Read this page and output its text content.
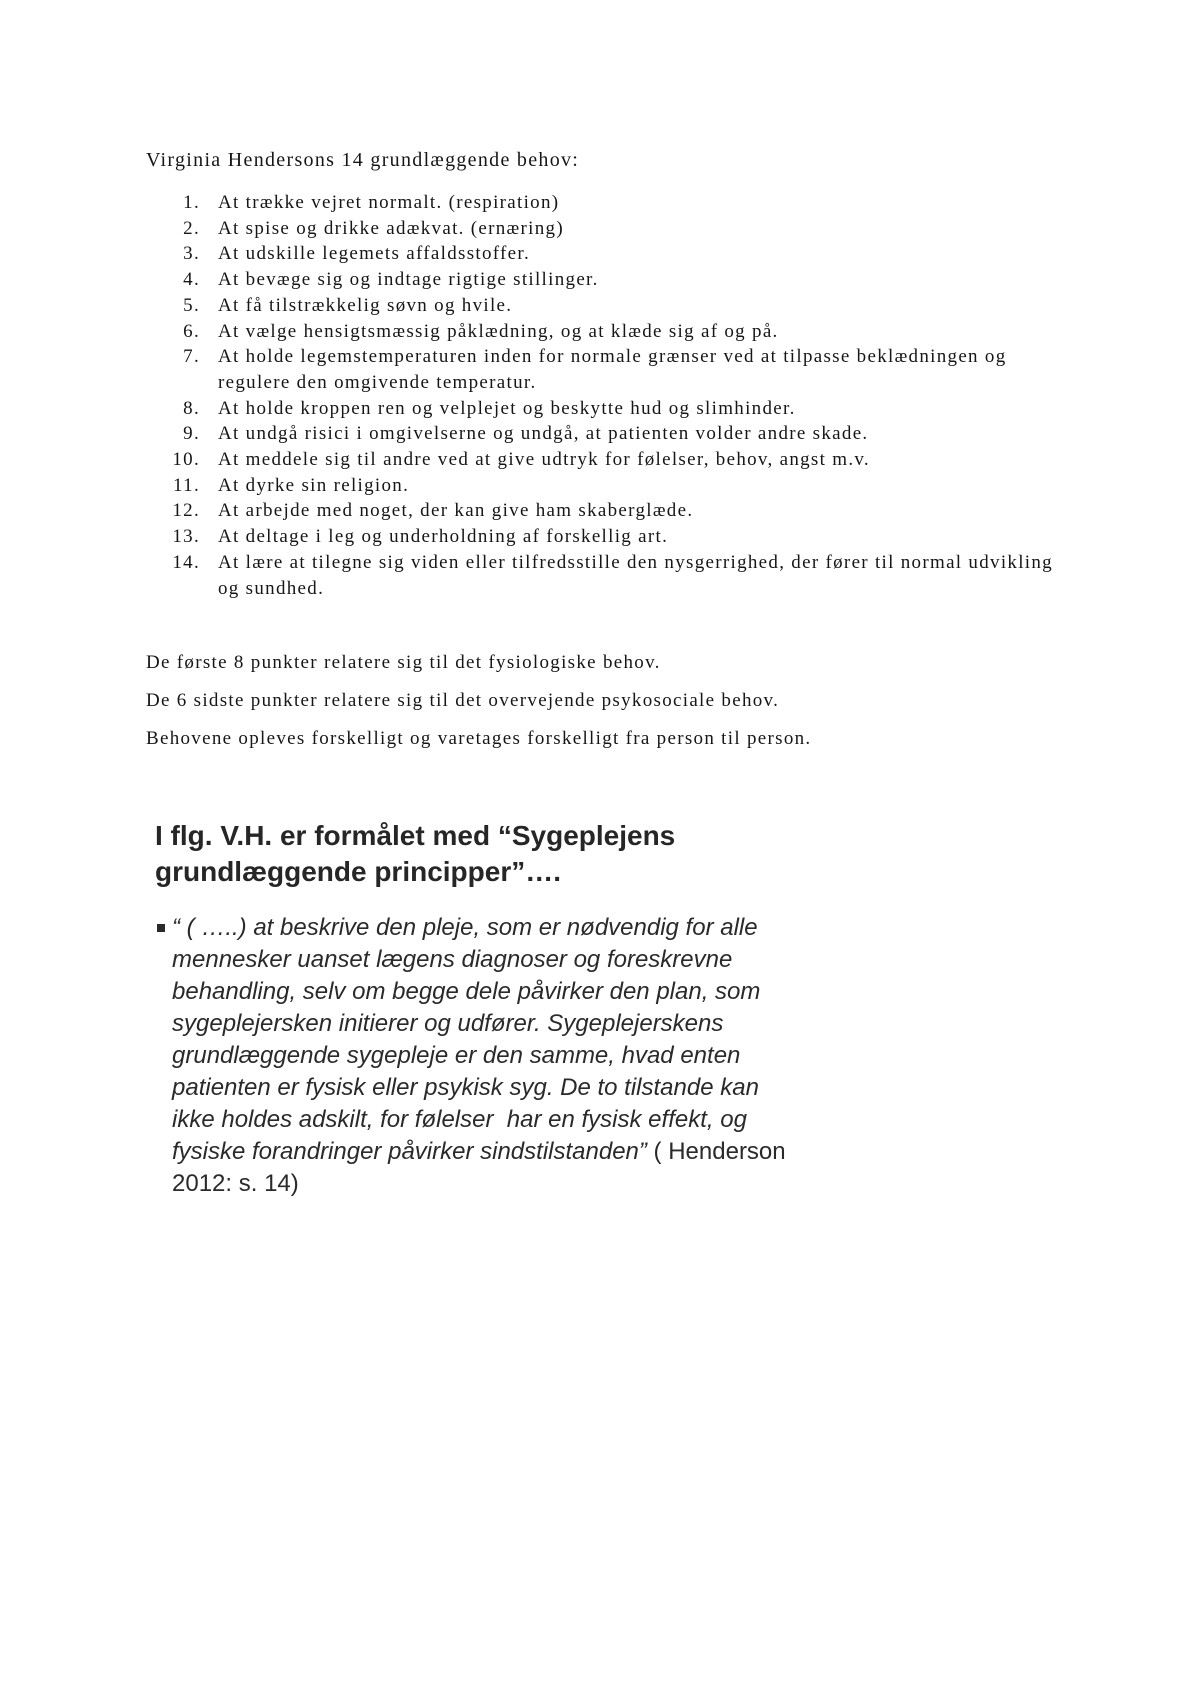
Virginia Hendersons 14 grundlæggende behov:
1. At trække vejret normalt. (respiration)
2. At spise og drikke adækvat. (ernæring)
3. At udskille legemets affaldsstoffer.
4. At bevæge sig og indtage rigtige stillinger.
5. At få tilstrækkelig søvn og hvile.
6. At vælge hensigtsmæssig påklædning, og at klæde sig af og på.
7. At holde legemstemperaturen inden for normale grænser ved at tilpasse beklædningen og regulere den omgivende temperatur.
8. At holde kroppen ren og velplejet og beskytte hud og slimhinder.
9. At undgå risici i omgivelserne og undgå, at patienten volder andre skade.
10. At meddele sig til andre ved at give udtryk for følelser, behov, angst m.v.
11. At dyrke sin religion.
12. At arbejde med noget, der kan give ham skaberglæde.
13. At deltage i leg og underholdning af forskellig art.
14. At lære at tilegne sig viden eller tilfredsstille den nysgerrighed, der fører til normal udvikling og sundhed.

De første 8 punkter relatere sig til det fysiologiske behov.

De 6 sidste punkter relatere sig til det overvejende psykosociale behov.

Behovene opleves forskelligt og varetages forskelligt fra person til person.

I flg. V.H. er formålet med “Sygeplejens grundlæggende principper”….
“ ( …..) at beskrive den pleje, som er nødvendig for alle
mennesker uanset lægens diagnoser og foreskrevne
behandling, selv om begge dele påvirker den plan, som
sygeplejersken initierer og udfører. Sygeplejerskens
grundlæggende sygepleje er den samme, hvad enten
patienten er fysisk eller psykisk syg. De to tilstande kan
ikke holdes adskilt, for følelser  har en fysisk effekt, og
fysiske forandringer påvirker sindstilstanden” ( Henderson
2012: s. 14)
